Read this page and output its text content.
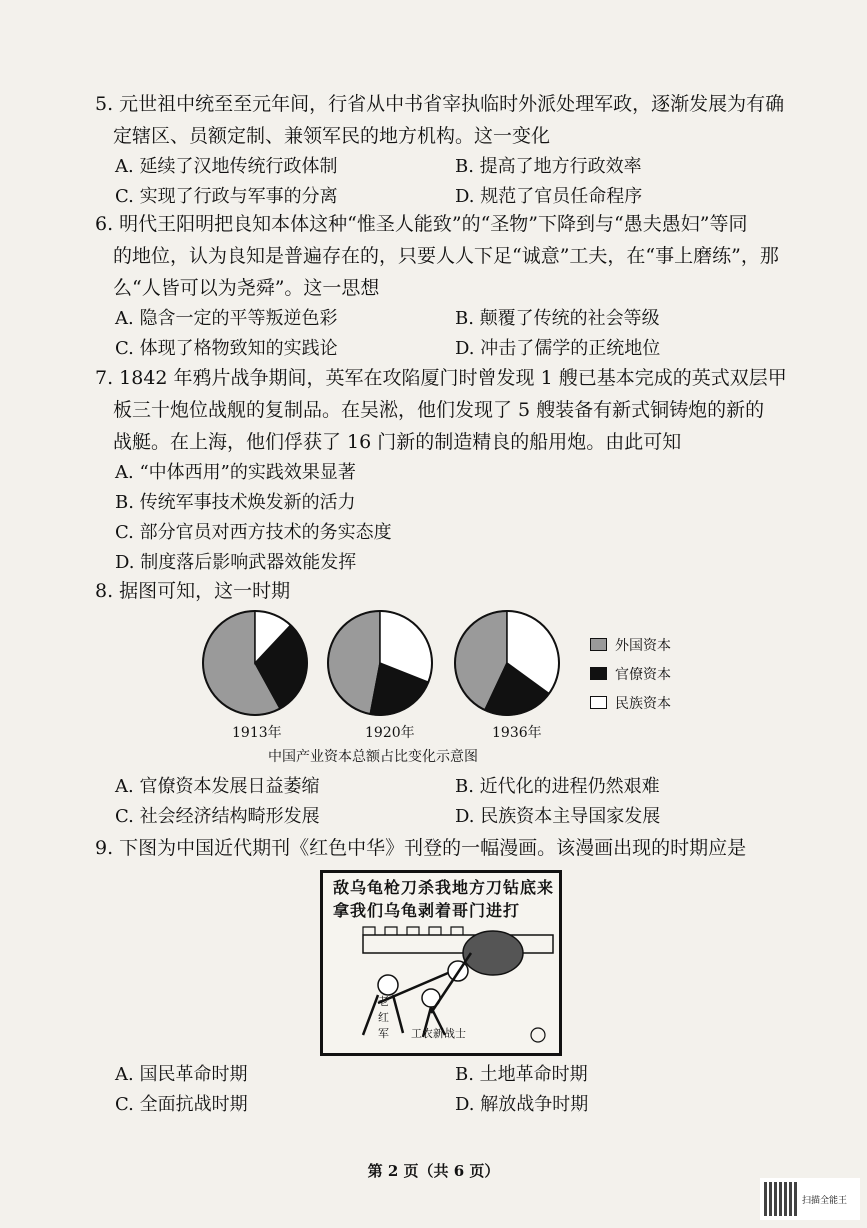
5. 元世祖中统至至元年间，行省从中书省宰执临时外派处理军政，逐渐发展为有确
定辖区、员额定制、兼领军民的地方机构。这一变化
A. 延续了汉地传统行政体制	B. 提高了地方行政效率
C. 实现了行政与军事的分离	D. 规范了官员任命程序
6. 明代王阳明把良知本体这种“惟圣人能致”的“圣物”下降到与“愚夫愚妇”等同
的地位，认为良知是普遍存在的，只要人人下足“诚意”工夫，在“事上磨练”，那
么“人皆可以为尧舜”。这一思想
A. 隐含一定的平等叛逆色彩	B. 颠覆了传统的社会等级
C. 体现了格物致知的实践论	D. 冲击了儒学的正统地位
7. 1842 年鸦片战争期间，英军在攻陷厦门时曾发现 1 艘已基本完成的英式双层甲
板三十炮位战舰的复制品。在吴淞，他们发现了 5 艘装备有新式铜铸炮的新的
战艇。在上海，他们俘获了 16 门新的制造精良的船用炮。由此可知
A. “中体西用”的实践效果显著
B. 传统军事技术焕发新的活力
C. 部分官员对西方技术的务实态度
D. 制度落后影响武器效能发挥
8. 据图可知，这一时期
外国资本
官僚资本
民族资本
1913年	1920年	1936年
中国产业资本总额占比变化示意图
A. 官僚资本发展日益萎缩	B. 近代化的进程仍然艰难
C. 社会经济结构畸形发展	D. 民族资本主导国家发展
9. 下图为中国近代期刊《红色中华》刊登的一幅漫画。该漫画出现的时期应是
敌乌龟枪刀杀我地方刀钻底来拿我们乌龟剥着哥门进打
老红军 工农新战士
A. 国民革命时期	B. 土地革命时期
C. 全面抗战时期	D. 解放战争时期
第 2 页（共 6 页）
扫描全能王
